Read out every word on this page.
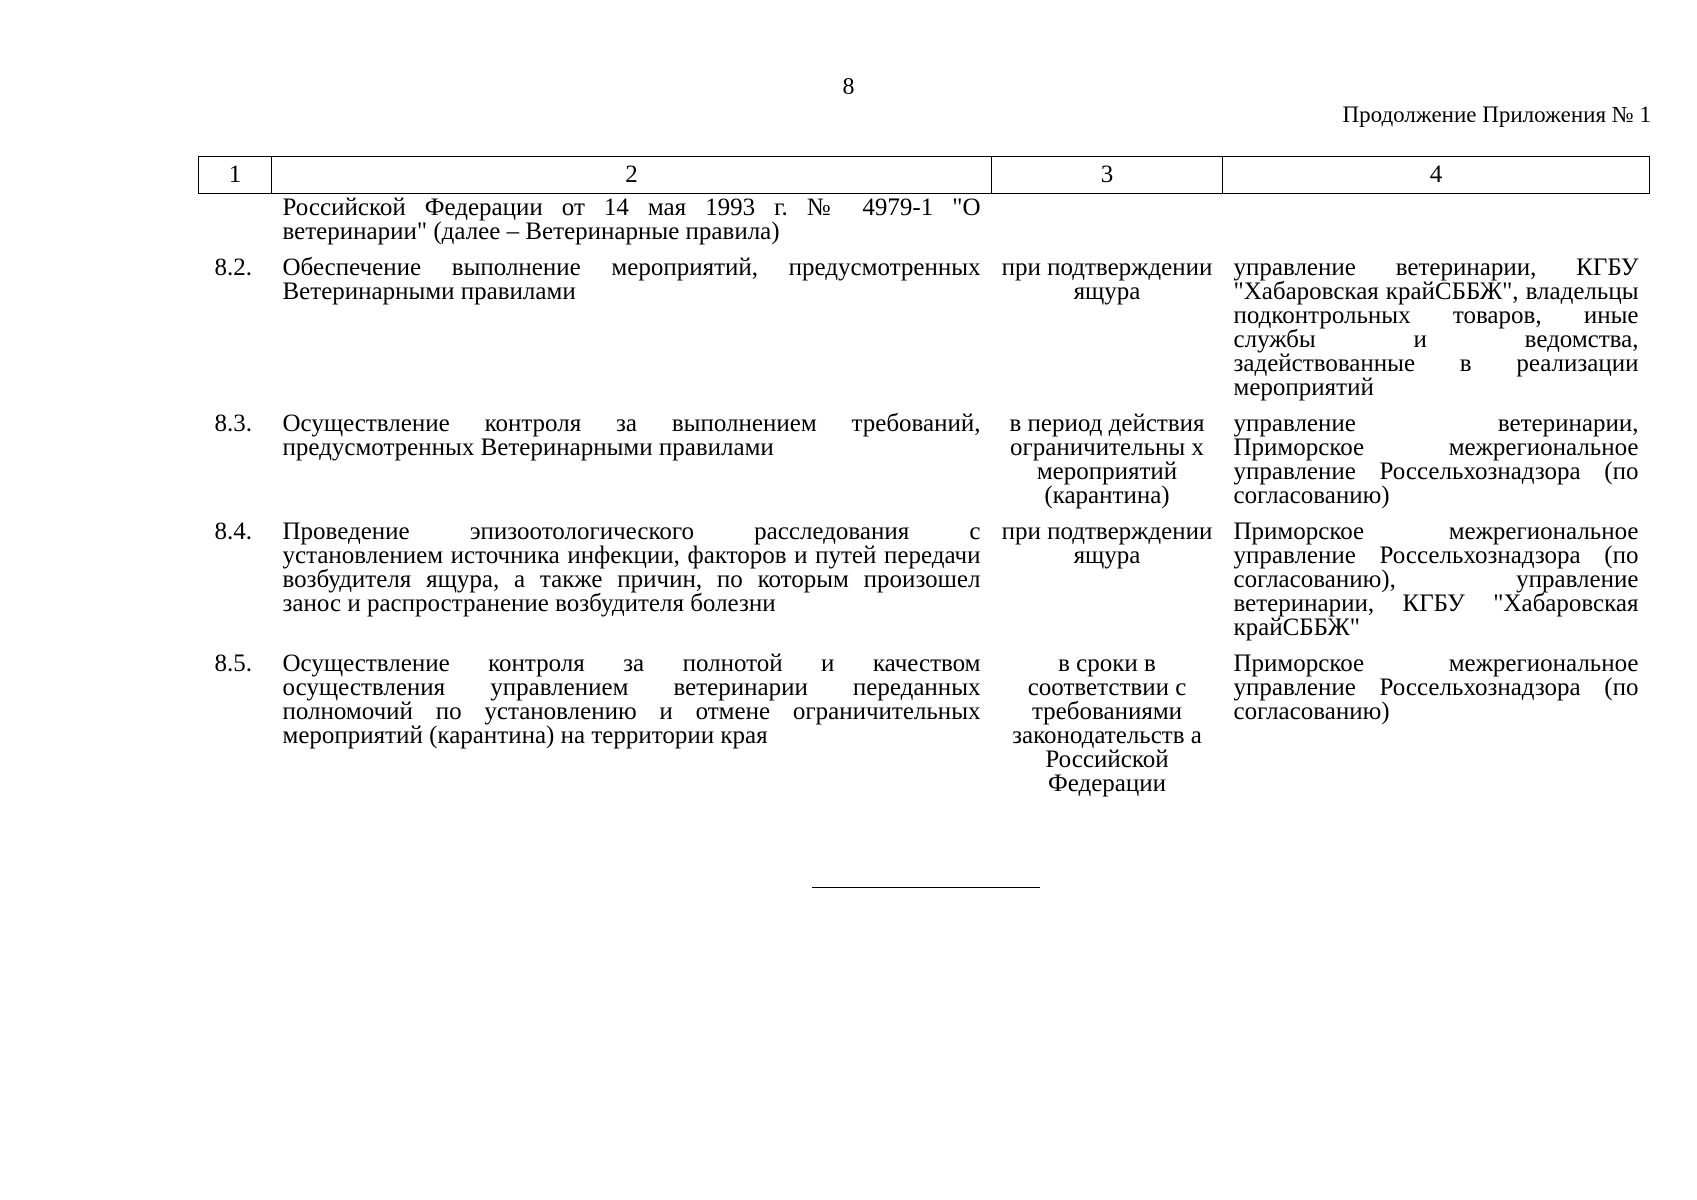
8
Продолжение Приложения № 1
1	2	3	4
	Российской Федерации от 14 мая 1993 г. № 4979-1 "О ветеринарии" (далее – Ветеринарные правила)		
8.2.	Обеспечение выполнение мероприятий, предусмотренных Ветеринарными правилами	при подтверждении ящура	управление ветеринарии, КГБУ "Хабаровская крайСББЖ", владельцы подконтрольных товаров, иные службы и ведомства, задействованные в реализации мероприятий
8.3.	Осуществление контроля за выполнением требований, предусмотренных Ветеринарными правилами	в период действия ограничительны х мероприятий (карантина)	управление ветеринарии, Приморское межрегиональное управление Россельхознадзора (по согласованию)
8.4.	Проведение эпизоотологического расследования с установлением источника инфекции, факторов и путей передачи возбудителя ящура, а также причин, по которым произошел занос и распространение возбудителя болезни	при подтверждении ящура	Приморское межрегиональное управление Россельхознадзора (по согласованию), управление ветеринарии, КГБУ "Хабаровская крайСББЖ"
8.5.	Осуществление контроля за полнотой и качеством осуществления управлением ветеринарии переданных полномочий по установлению и отмене ограничительных мероприятий (карантина) на территории края	в сроки в соответствии с требованиями законодательств а Российской Федерации	Приморское межрегиональное управление Россельхознадзора (по согласованию)
